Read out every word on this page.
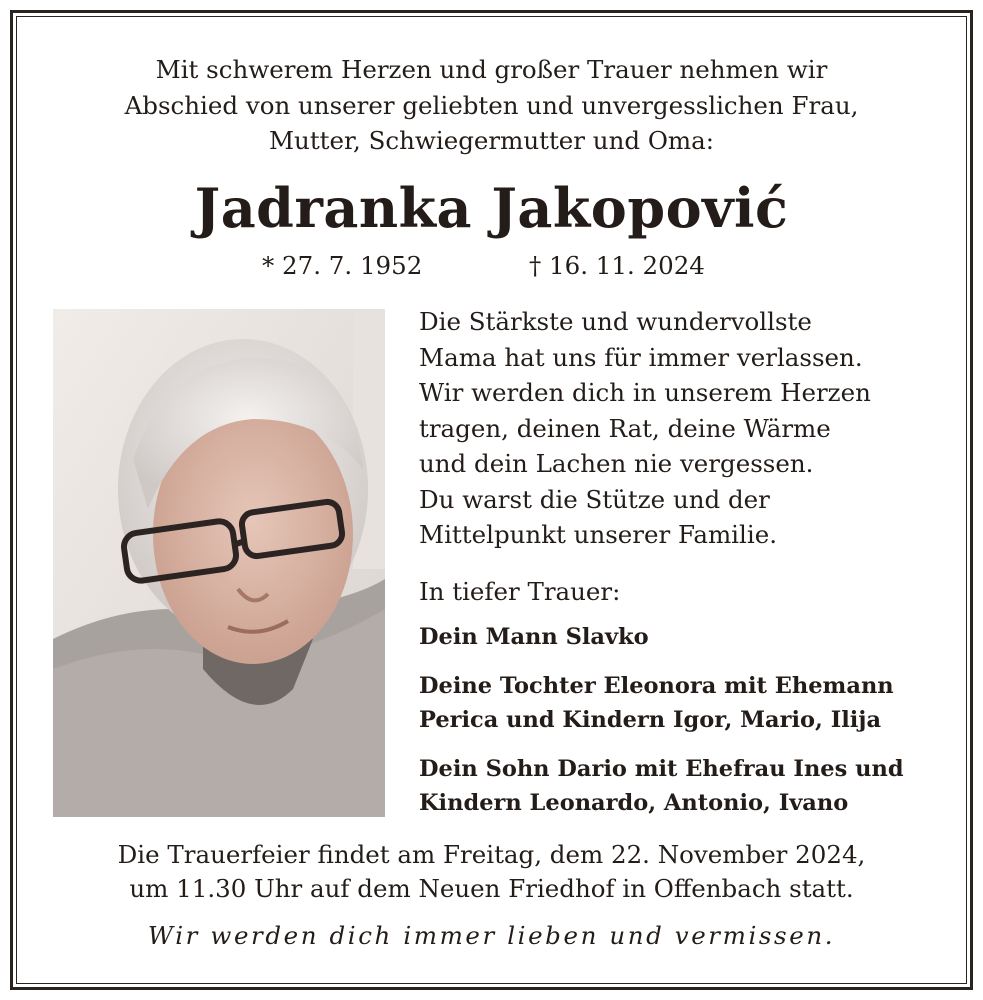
Mit schwerem Herzen und großer Trauer nehmen wir
Abschied von unserer geliebten und unvergesslichen Frau,
Mutter, Schwiegermutter und Oma:
Jadranka Jakopović
* 27. 7. 1952	† 16. 11. 2024
Die Stärkste und wundervollste
Mama hat uns für immer verlassen.
Wir werden dich in unserem Herzen
tragen, deinen Rat, deine Wärme
und dein Lachen nie vergessen.
Du warst die Stütze und der
Mittelpunkt unserer Familie.
In tiefer Trauer:
Dein Mann Slavko
Deine Tochter Eleonora mit Ehemann
Perica und Kindern Igor, Mario, Ilija
Dein Sohn Dario mit Ehefrau Ines und
Kindern Leonardo, Antonio, Ivano
Die Trauerfeier findet am Freitag, dem 22. November 2024,
um 11.30 Uhr auf dem Neuen Friedhof in Offenbach statt.
Wir werden dich immer lieben und vermissen.
